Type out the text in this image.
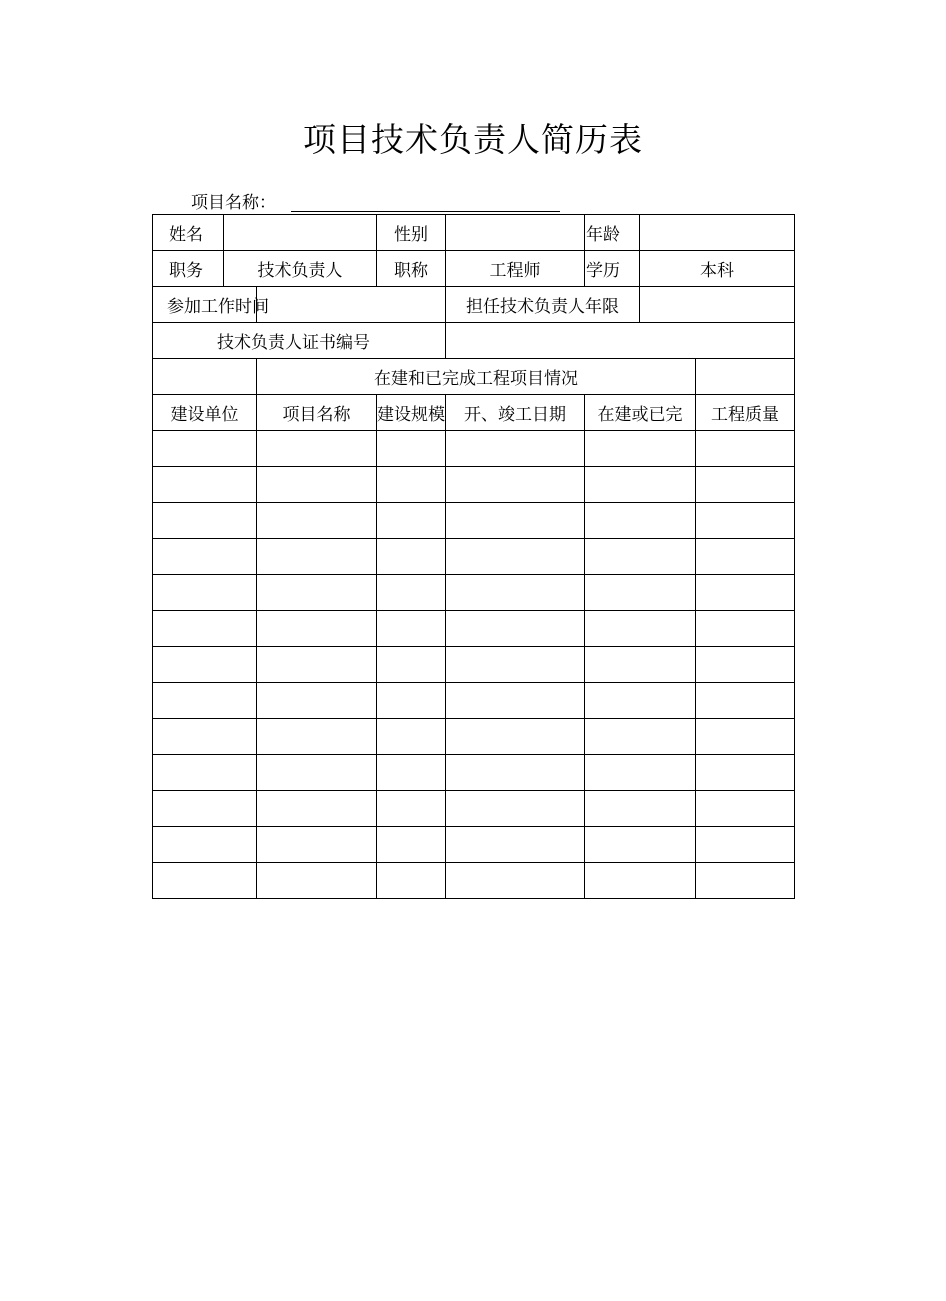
项目技术负责人简历表
项目名称：
姓名			性别		年龄		
职务	技术负责人		职称	工程师	学历	本科	
参加工作时间				担任技术负责人年限			
技术负责人证书编号							
		在建和已完成工程项目情况					
建设单位		项目名称	建设规模	开、竣工日期	在建或已完		工程质量
